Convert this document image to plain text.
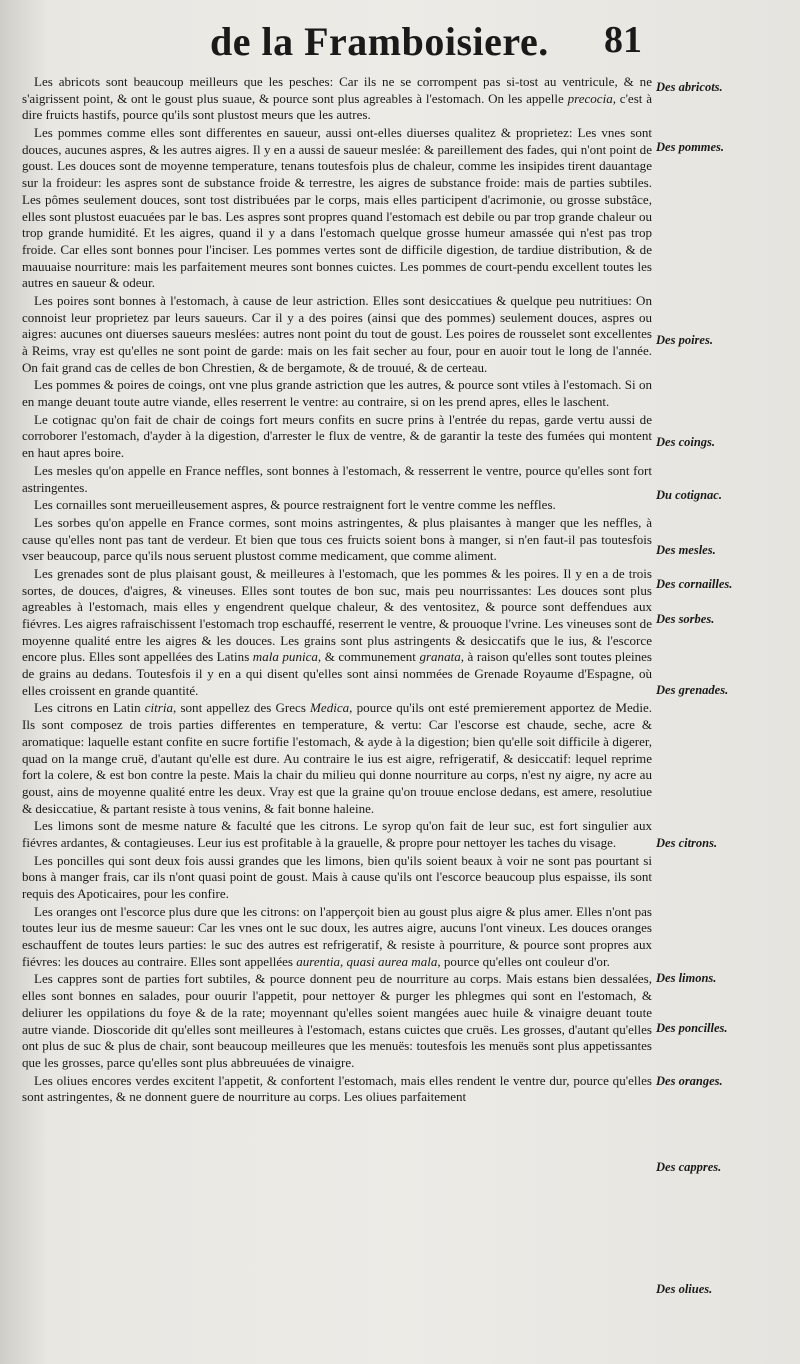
de la Framboisiere. 81

Les abricots sont beaucoup meilleurs que les pesches: Car ils ne se corrompent pas si-tost au ventricule, & ne s'aigrissent point, & ont le goust plus suaue, & pource sont plus agreables à l'estomach. On les appelle precocia, c'est à dire fruicts hastifs, pource qu'ils sont plustost meurs que les autres.

Les pommes comme elles sont differentes en saueur, aussi ont-elles diuerses qualitez & proprietez: Les vnes sont douces, aucunes aspres, & les autres aigres. Il y en a aussi de saueur meslée: & pareillement des fades, qui n'ont point de goust. Les douces sont de moyenne temperature, tenans toutesfois plus de chaleur, comme les insipides tirent dauantage sur la froideur: les aspres sont de substance froide & terrestre, les aigres de substance froide: mais de parties subtiles. Les pômes seulement douces, sont tost distribuées par le corps, mais elles participent d'acrimonie, ou grosse substâce, elles sont plustost euacuées par le bas. Les aspres sont propres quand l'estomach est debile ou par trop grande chaleur ou trop grande humidité. Et les aigres, quand il y a dans l'estomach quelque grosse humeur amassée qui n'est pas trop froide. Car elles sont bonnes pour l'inciser. Les pommes vertes sont de difficile digestion, de tardiue distribution, & de mauuaise nourriture: mais les parfaitement meures sont bonnes cuictes. Les pommes de court-pendu excellent toutes les autres en saueur & odeur.

Les poires sont bonnes à l'estomach, à cause de leur astriction. Elles sont desiccatiues & quelque peu nutritiues: On connoist leur proprietez par leurs saueurs. Car il y a des poires (ainsi que des pommes) seulement douces, aspres ou aigres: aucunes ont diuerses saueurs meslées: autres nont point du tout de goust. Les poires de rousselet sont excellentes à Reims, vray est qu'elles ne sont point de garde: mais on les fait secher au four, pour en auoir tout le long de l'année. On fait grand cas de celles de bon Chrestien, & de bergamote, & de trouué, & de certeau.

Les pommes & poires de coings, ont vne plus grande astriction que les autres, & pource sont vtiles à l'estomach. Si on en mange deuant toute autre viande, elles reserrent le ventre: au contraire, si on les prend apres, elles le laschent.

Le cotignac qu'on fait de chair de coings fort meurs confits en sucre prins à l'entrée du repas, garde vertu aussi de corroborer l'estomach, d'ayder à la digestion, d'arrester le flux de ventre, & de garantir la teste des fumées qui montent en haut apres boire.

Les mesles qu'on appelle en France neffles, sont bonnes à l'estomach, & resserrent le ventre, pource qu'elles sont fort astringentes.

Les cornailles sont merueilleusement aspres, & pource restraignent fort le ventre comme les neffles.

Les sorbes qu'on appelle en France cormes, sont moins astringentes, & plus plaisantes à manger que les neffles, à cause qu'elles nont pas tant de verdeur. Et bien que tous ces fruicts soient bons à manger, si n'en faut-il pas toutesfois vser beaucoup, parce qu'ils nous seruent plustost comme medicament, que comme aliment.

Les grenades sont de plus plaisant goust, & meilleures à l'estomach, que les pommes & les poires. Il y en a de trois sortes, de douces, d'aigres, & vineuses. Elles sont toutes de bon suc, mais peu nourrissantes: Les douces sont plus agreables à l'estomach, mais elles y engendrent quelque chaleur, & des ventositez, & pource sont deffendues aux fiévres. Les aigres rafraischissent l'estomach trop eschauffé, reserrent le ventre, & prouoque l'vrine. Les vineuses sont de moyenne qualité entre les aigres & les douces. Les grains sont plus astringents & desiccatifs que le ius, & l'escorce encore plus. Elles sont appellées des Latins mala punica, & communement granata, à raison qu'elles sont toutes pleines de grains au dedans. Toutesfois il y en a qui disent qu'elles sont ainsi nommées de Grenade Royaume d'Espagne, où elles croissent en grande quantité.

Les citrons en Latin citria, sont appellez des Grecs Medica, pource qu'ils ont esté premierement apportez de Medie. Ils sont composez de trois parties differentes en temperature, & vertu: Car l'escorse est chaude, seche, acre & aromatique: laquelle estant confite en sucre fortifie l'estomach, & ayde à la digestion; bien qu'elle soit difficile à digerer, quad on la mange cruë, d'autant qu'elle est dure. Au contraire le ius est aigre, refrigeratif, & desiccatif: lequel reprime fort la colere, & est bon contre la peste. Mais la chair du milieu qui donne nourriture au corps, n'est ny aigre, ny acre au goust, ains de moyenne qualité entre les deux. Vray est que la graine qu'on trouue enclose dedans, est amere, resolutiue & desiccatiue, & partant resiste à tous venins, & fait bonne haleine.

Les limons sont de mesme nature & faculté que les citrons. Le syrop qu'on fait de leur suc, est fort singulier aux fiévres ardantes, & contagieuses. Leur ius est profitable à la grauelle, & propre pour nettoyer les taches du visage.

Les poncilles qui sont deux fois aussi grandes que les limons, bien qu'ils soient beaux à voir ne sont pas pourtant si bons à manger frais, car ils n'ont quasi point de goust. Mais à cause qu'ils ont l'escorce beaucoup plus espaisse, ils sont requis des Apoticaires, pour les confire.

Les oranges ont l'escorce plus dure que les citrons: on l'apperçoit bien au goust plus aigre & plus amer. Elles n'ont pas toutes leur ius de mesme saueur: Car les vnes ont le suc doux, les autres aigre, aucuns l'ont vineux. Les douces oranges eschauffent de toutes leurs parties: le suc des autres est refrigeratif, & resiste à pourriture, & pource sont propres aux fiévres: les douces au contraire. Elles sont appellées aurentia, quasi aurea mala, pource qu'elles ont couleur d'or.

Les cappres sont de parties fort subtiles, & pource donnent peu de nourriture au corps. Mais estans bien dessalées, elles sont bonnes en salades, pour ouurir l'appetit, pour nettoyer & purger les phlegmes qui sont en l'estomach, & deliurer les oppilations du foye & de la rate; moyennant qu'elles soient mangées auec huile & vinaigre deuant toute autre viande. Dioscoride dit qu'elles sont meilleures à l'estomach, estans cuictes que cruës. Les grosses, d'autant qu'elles ont plus de suc & plus de chair, sont beaucoup meilleures que les menuës: toutesfois les menuës sont plus appetissantes que les grosses, parce qu'elles sont plus abbreuuées de vinaigre.

Les oliues encores verdes excitent l'appetit, & confortent l'estomach, mais elles rendent le ventre dur, pource qu'elles sont astringentes, & ne donnent guere de nourriture au corps. Les oliues parfaitement

Des abricots.
Des pommes.
Des poires.
Des coings.
Du cotignac.
Des mesles.
Des cornailles.
Des sorbes.
Des grenades.
Des citrons.
Des limons.
Des poncilles.
Des oranges.
Des cappres.
Des oliues.
